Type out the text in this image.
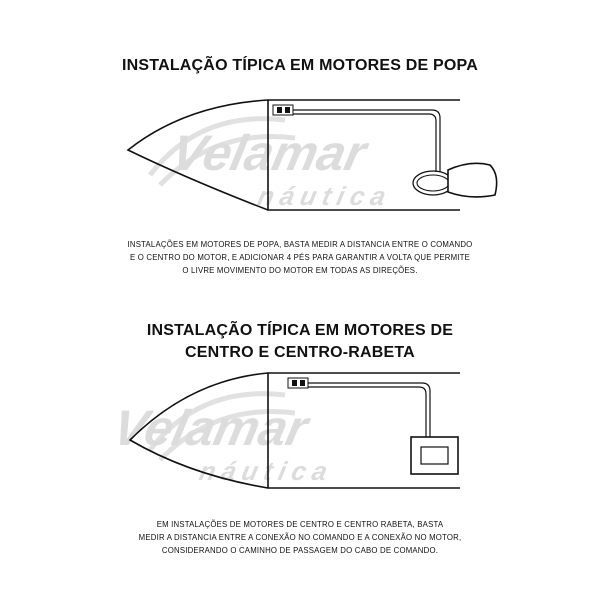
INSTALAÇÃO TÍPICA EM MOTORES DE POPA
Velamar
náutica
INSTALAÇÕES EM MOTORES DE POPA, BASTA MEDIR A DISTANCIA ENTRE O COMANDO
E O CENTRO DO MOTOR, E ADICIONAR 4 PÉS PARA GARANTIR A VOLTA QUE PERMITE
O LIVRE MOVIMENTO DO MOTOR EM TODAS AS DIREÇÕES.
INSTALAÇÃO TÍPICA EM MOTORES DE
CENTRO E CENTRO-RABETA
Velamar
náutica
EM INSTALAÇÕES DE MOTORES DE CENTRO E CENTRO RABETA, BASTA
MEDIR A DISTANCIA ENTRE A CONEXÃO NO COMANDO E A CONEXÃO NO MOTOR,
CONSIDERANDO O CAMINHO DE PASSAGEM DO CABO DE COMANDO.
